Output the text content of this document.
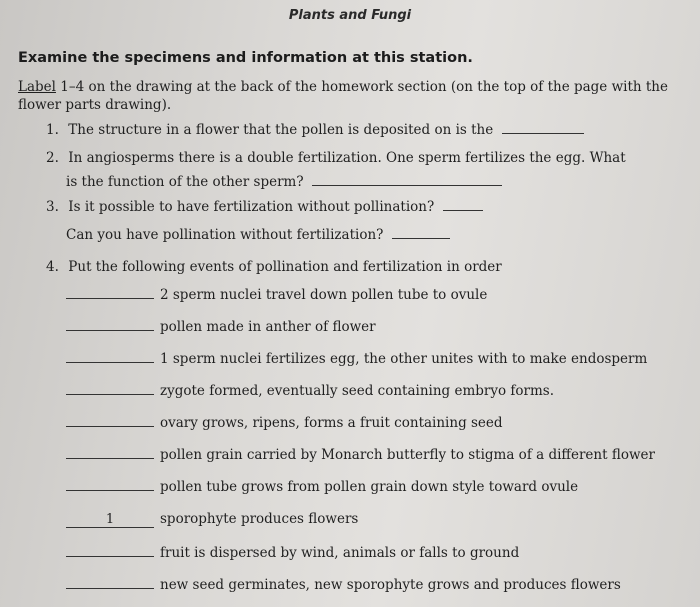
Plants and Fungi
Examine the specimens and information at this station.
Label 1–4 on the drawing at the back of the homework section (on the top of the page with the flower parts drawing).
1. The structure in a flower that the pollen is deposited on is the
2. In angiosperms there is a double fertilization. One sperm fertilizes the egg. What
is the function of the other sperm?
3. Is it possible to have fertilization without pollination?
Can you have pollination without fertilization?
4. Put the following events of pollination and fertilization in order
2 sperm nuclei travel down pollen tube to ovule
pollen made in anther of flower
1 sperm nuclei fertilizes egg, the other unites with to make endosperm
zygote formed, eventually seed containing embryo forms.
ovary grows, ripens, forms a fruit containing seed
pollen grain carried by Monarch butterfly to stigma of a different flower
pollen tube grows from pollen grain down style toward ovule
1	sporophyte produces flowers
fruit is dispersed by wind, animals or falls to ground
new seed germinates, new sporophyte grows and produces flowers
